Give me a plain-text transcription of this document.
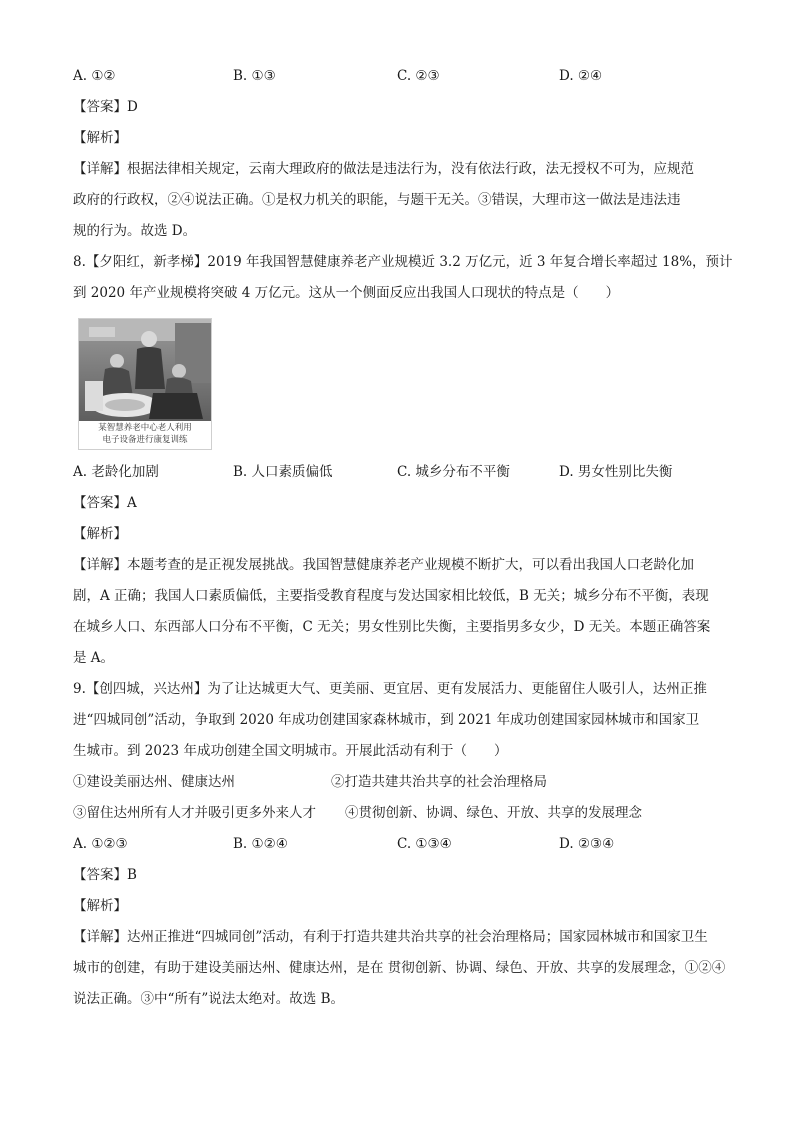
A. ①②	B. ①③	C. ②③	D. ②④
【答案】D
【解析】
【详解】根据法律相关规定，云南大理政府的做法是违法行为，没有依法行政，法无授权不可为，应规范
政府的行政权，②④说法正确。①是权力机关的职能，与题干无关。③错误，大理市这一做法是违法违
规的行为。故选 D。
8.【夕阳红，新孝梯】2019 年我国智慧健康养老产业规模近 3.2 万亿元，近 3 年复合增长率超过 18%，预计
到 2020 年产业规模将突破 4 万亿元。这从一个侧面反应出我国人口现状的特点是（　　）
某智慧养老中心老人利用
电子设备进行康复训练
A. 老龄化加剧	B. 人口素质偏低	C. 城乡分布不平衡	D. 男女性别比失衡
【答案】A
【解析】
【详解】本题考查的是正视发展挑战。我国智慧健康养老产业规模不断扩大，可以看出我国人口老龄化加
剧，A 正确；我国人口素质偏低，主要指受教育程度与发达国家相比较低，B 无关；城乡分布不平衡，表现
在城乡人口、东西部人口分布不平衡，C 无关；男女性别比失衡，主要指男多女少，D 无关。本题正确答案
是 A。
9.【创四城，兴达州】为了让达城更大气、更美丽、更宜居、更有发展活力、更能留住人吸引人，达州正推
进“四城同创”活动，争取到 2020 年成功创建国家森林城市，到 2021 年成功创建国家园林城市和国家卫
生城市。到 2023 年成功创建全国文明城市。开展此活动有利于（　　）
①建设美丽达州、健康达州	②打造共建共治共享的社会治理格局
③留住达州所有人才并吸引更多外来人才 ④贯彻创新、协调、绿色、开放、共享的发展理念
A. ①②③	B. ①②④	C. ①③④	D. ②③④
【答案】B
【解析】
【详解】达州正推进“四城同创”活动，有利于打造共建共治共享的社会治理格局；国家园林城市和国家卫生
城市的创建，有助于建设美丽达州、健康达州，是在 贯彻创新、协调、绿色、开放、共享的发展理念，①②④
说法正确。③中“所有”说法太绝对。故选 B。
